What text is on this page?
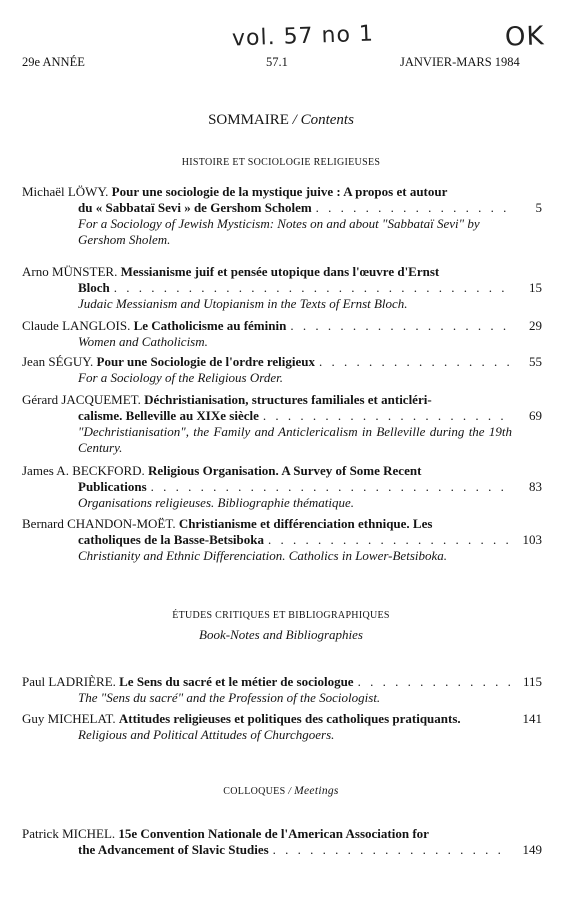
vol. 57 no 1	OK
29e ANNÉE	57.1	JANVIER-MARS 1984
SOMMAIRE / Contents
HISTOIRE ET SOCIOLOGIE RELIGIEUSES
Michaël LÖWY. Pour une sociologie de la mystique juive : A propos et autour
du « Sabbataï Sevi » de Gershom Scholem . . .	5
For a Sociology of Jewish Mysticism: Notes on and about "Sabbataï Sevi" by Gershom Sholem.
Arno MÜNSTER. Messianisme juif et pensée utopique dans l'œuvre d'Ernst
Bloch . . .	15
Judaic Messianism and Utopianism in the Texts of Ernst Bloch.
Claude LANGLOIS. Le Catholicisme au féminin . . .	29
Women and Catholicism.
Jean SÉGUY. Pour une Sociologie de l'ordre religieux . . .	55
For a Sociology of the Religious Order.
Gérard JACQUEMET. Déchristianisation, structures familiales et anticléri-
calisme. Belleville au XIXe siècle . . .	69
"Dechristianisation", the Family and Anticlericalism in Belleville during the 19th Century.
James A. BECKFORD. Religious Organisation. A Survey of Some Recent
Publications . . .	83
Organisations religieuses. Bibliographie thématique.
Bernard CHANDON-MOËT. Christianisme et différenciation ethnique. Les
catholiques de la Basse-Betsiboka . . .	103
Christianity and Ethnic Differenciation. Catholics in Lower-Betsiboka.
ÉTUDES CRITIQUES ET BIBLIOGRAPHIQUES
Book-Notes and Bibliographies
Paul LADRIÈRE. Le Sens du sacré et le métier de sociologue . . .	115
The "Sens du sacré" and the Profession of the Sociologist.
Guy MICHELAT. Attitudes religieuses et politiques des catholiques pratiquants.	141
Religious and Political Attitudes of Churchgoers.
COLLOQUES / Meetings
Patrick MICHEL. 15e Convention Nationale de l'American Association for
the Advancement of Slavic Studies . . .	149
